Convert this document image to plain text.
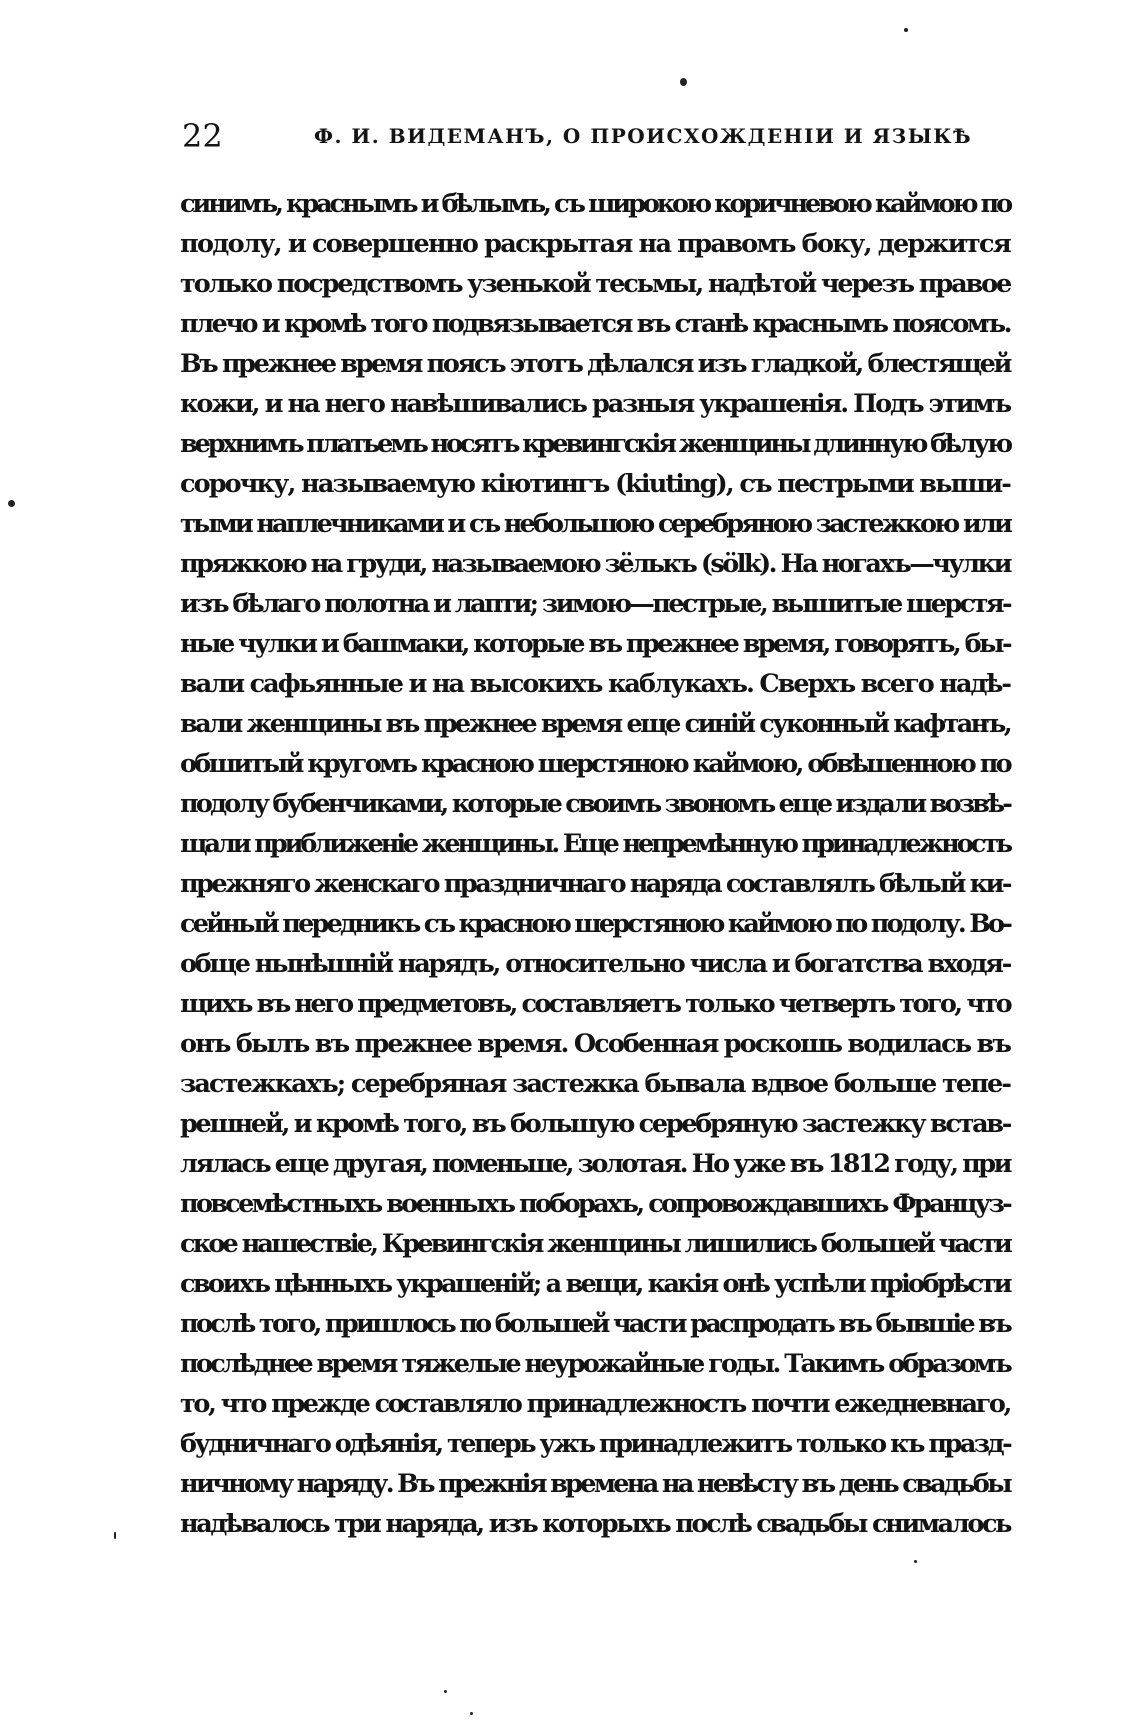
22	Ф. И. ВИДЕМАНЪ, О ПРОИСХОЖДЕНІИ И ЯЗЫКѢ
синимъ, краснымъ и бѣлымъ, съ широкою коричневою каймою по
подолу, и совершенно раскрытая на правомъ боку, держится
только посредствомъ узенькой тесьмы, надѣтой черезъ правое
плечо и кромѣ того подвязывается въ станѣ краснымъ поясомъ.
Въ прежнее время поясъ этотъ дѣлался изъ гладкой, блестящей
кожи, и на него навѣшивались разныя украшенія. Подъ этимъ
верхнимъ платьемъ носятъ кревингскія женщины длинную бѣлую
сорочку, называемую кіютингъ (kiuting), съ пестрыми выши-
тыми наплечниками и съ небольшою серебряною застежкою или
пряжкою на груди, называемою зёлькъ (sölk). На ногахъ—чулки
изъ бѣлаго полотна и лапти; зимою—пестрые, вышитые шерстя-
ные чулки и башмаки, которые въ прежнее время, говорятъ, бы-
вали сафьянные и на высокихъ каблукахъ. Сверхъ всего надѣ-
вали женщины въ прежнее время еще синій суконный кафтанъ,
обшитый кругомъ красною шерстяною каймою, обвѣшенною по
подолу бубенчиками, которые своимъ звономъ еще издали возвѣ-
щали приближеніе женщины. Еще непремѣнную принадлежность
прежняго женскаго праздничнаго наряда составлялъ бѣлый ки-
сейный передникъ съ красною шерстяною каймою по подолу. Во-
обще нынѣшній нарядъ, относительно числа и богатства входя-
щихъ въ него предметовъ, составляетъ только четверть того, что
онъ былъ въ прежнее время. Особенная роскошь водилась въ
застежкахъ; серебряная застежка бывала вдвое больше тепе-
решней, и кромѣ того, въ большую серебряную застежку встав-
лялась еще другая, поменьше, золотая. Но уже въ 1812 году, при
повсемѣстныхъ военныхъ поборахъ, сопровождавшихъ Француз-
ское нашествіе, Кревингскія женщины лишились большей части
своихъ цѣнныхъ украшеній; а вещи, какія онѣ успѣли пріобрѣсти
послѣ того, пришлось по большей части распродать въ бывшіе въ
послѣднее время тяжелые неурожайные годы. Такимъ образомъ
то, что прежде составляло принадлежность почти ежедневнаго,
будничнаго одѣянія, теперь ужъ принадлежитъ только къ празд-
ничному наряду. Въ прежнія времена на невѣсту въ день свадьбы
надѣвалось три наряда, изъ которыхъ послѣ свадьбы снималось
